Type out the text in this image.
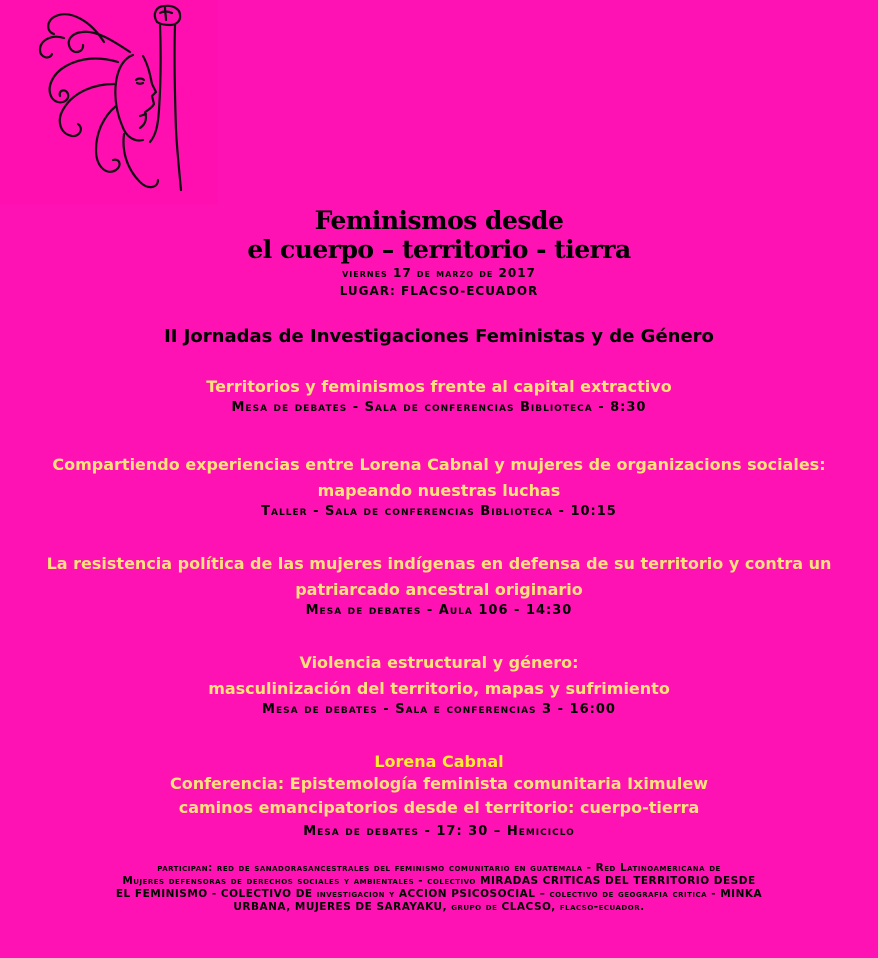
Feminismos desde
el cuerpo – territorio - tierra
viernes 17 de marzo de 2017
LUGAR: FLACSO-ECUADOR
II Jornadas de Investigaciones Feministas y de Género
Territorios y feminismos frente al capital extractivo
Mesa de debates - Sala de conferencias Biblioteca - 8:30
Compartiendo experiencias entre Lorena Cabnal y mujeres de organizacions sociales:
mapeando nuestras luchas
Taller - Sala de conferencias Biblioteca - 10:15
La resistencia política de las mujeres indígenas en defensa de su territorio y contra un
patriarcado ancestral originario
Mesa de debates - Aula 106 - 14:30
Violencia estructural y género:
masculinización del territorio, mapas y sufrimiento
Mesa de debates - Sala e conferencias 3 - 16:00
Lorena Cabnal
Conferencia: Epistemología feminista comunitaria Iximulew
caminos emancipatorios desde el territorio: cuerpo-tierra
Mesa de debates - 17: 30 – Hemiciclo
participan: red de sanadorasancestrales del feminismo comunitario en guatemala - Red Latinoamericana de
Mujeres defensoras de derechos sociales y ambientales - colectivo MIRADAS CRITICAS DEL TERRITORIO DESDE
EL FEMINISMO - COLECTIVO DE investigacion y ACCION PSICOSOCIAL – colectivo de geografia critica - MINKA
URBANA, MUJERES DE SARAYAKU, grupo de CLACSO, flacso-ecuador.
